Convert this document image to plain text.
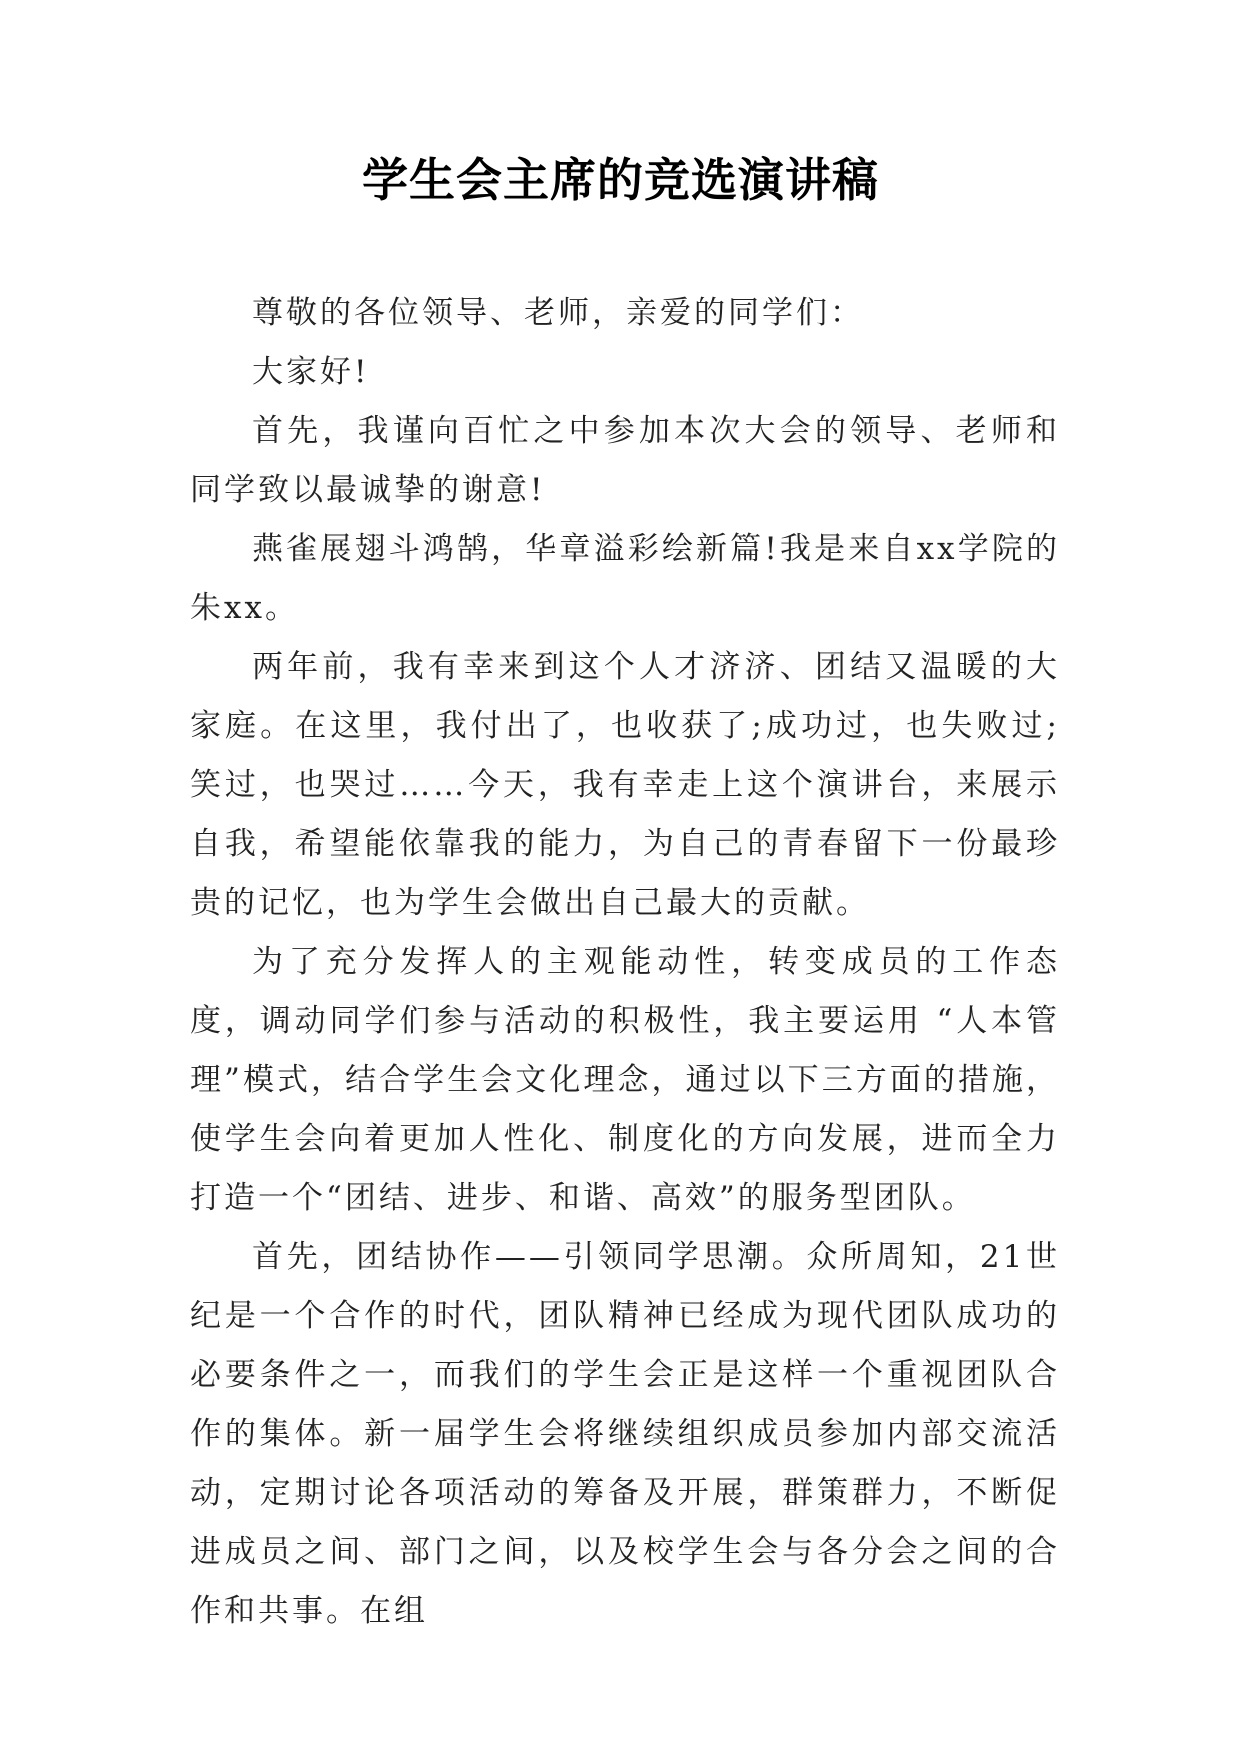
学生会主席的竞选演讲稿

尊敬的各位领导、老师，亲爱的同学们：

大家好!

首先，我谨向百忙之中参加本次大会的领导、老师和同学致以最诚挚的谢意!

燕雀展翅斗鸿鹄，华章溢彩绘新篇!我是来自xx学院的朱xx。

两年前，我有幸来到这个人才济济、团结又温暖的大家庭。在这里，我付出了，也收获了;成功过，也失败过;笑过，也哭过……今天，我有幸走上这个演讲台，来展示自我，希望能依靠我的能力，为自己的青春留下一份最珍贵的记忆，也为学生会做出自己最大的贡献。

为了充分发挥人的主观能动性，转变成员的工作态度，调动同学们参与活动的积极性，我主要运用 “人本管理”模式，结合学生会文化理念，通过以下三方面的措施，使学生会向着更加人性化、制度化的方向发展，进而全力打造一个“团结、进步、和谐、高效”的服务型团队。

首先，团结协作——引领同学思潮。众所周知，21世纪是一个合作的时代，团队精神已经成为现代团队成功的必要条件之一，而我们的学生会正是这样一个重视团队合作的集体。新一届学生会将继续组织成员参加内部交流活动，定期讨论各项活动的筹备及开展，群策群力，不断促进成员之间、部门之间，以及校学生会与各分会之间的合作和共事。在组
